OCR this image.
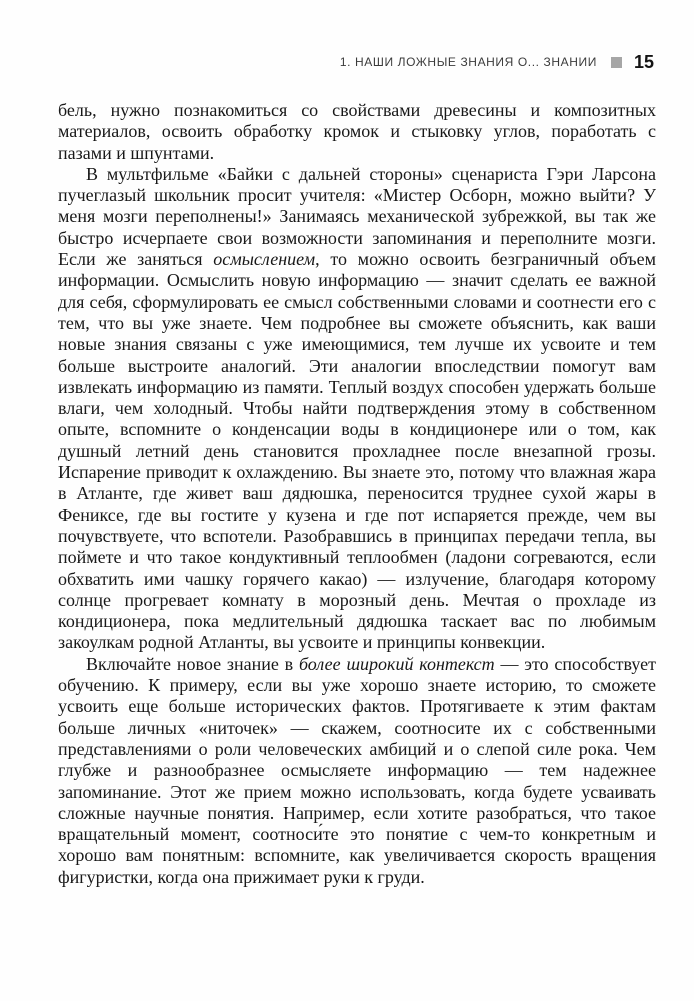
1. НАШИ ЛОЖНЫЕ ЗНАНИЯ О... ЗНАНИИ 15

бель, нужно познакомиться со свойствами древесины и композитных материалов, освоить обработку кромок и стыковку углов, поработать с пазами и шпунтами.

В мультфильме «Байки с дальней стороны» сценариста Гэри Ларсона пучеглазый школьник просит учителя: «Мистер Осборн, можно выйти? У меня мозги переполнены!» Занимаясь механической зубрежкой, вы так же быстро исчерпаете свои возможности запоминания и переполните мозги. Если же заняться осмыслением, то можно освоить безграничный объем информации. Осмыслить новую информацию — значит сделать ее важной для себя, сформулировать ее смысл собственными словами и соотнести его с тем, что вы уже знаете. Чем подробнее вы сможете объяснить, как ваши новые знания связаны с уже имеющимися, тем лучше их усвоите и тем больше выстроите аналогий. Эти аналогии впоследствии помогут вам извлекать информацию из памяти. Теплый воздух способен удержать больше влаги, чем холодный. Чтобы найти подтверждения этому в собственном опыте, вспомните о конденсации воды в кондиционере или о том, как душный летний день становится прохладнее после внезапной грозы. Испарение приводит к охлаждению. Вы знаете это, потому что влажная жара в Атланте, где живет ваш дядюшка, переносится труднее сухой жары в Фениксе, где вы гостите у кузена и где пот испаряется прежде, чем вы почувствуете, что вспотели. Разобравшись в принципах передачи тепла, вы поймете и что такое кондуктивный теплообмен (ладони согреваются, если обхватить ими чашку горячего какао) — излучение, благодаря которому солнце прогревает комнату в морозный день. Мечтая о прохладе из кондиционера, пока медлительный дядюшка таскает вас по любимым закоулкам родной Атланты, вы усвоите и принципы конвекции.

Включайте новое знание в более широкий контекст — это способствует обучению. К примеру, если вы уже хорошо знаете историю, то сможете усвоить еще больше исторических фактов. Протягиваете к этим фактам больше личных «ниточек» — скажем, соотносите их с собственными представлениями о роли человеческих амбиций и о слепой силе рока. Чем глубже и разнообразнее осмысляете информацию — тем надежнее запоминание. Этот же прием можно использовать, когда будете усваивать сложные научные понятия. Например, если хотите разобраться, что такое вращательный момент, соотноси́те это понятие с чем-то конкретным и хорошо вам понятным: вспомните, как увеличивается скорость вращения фигуристки, когда она прижимает руки к груди.
